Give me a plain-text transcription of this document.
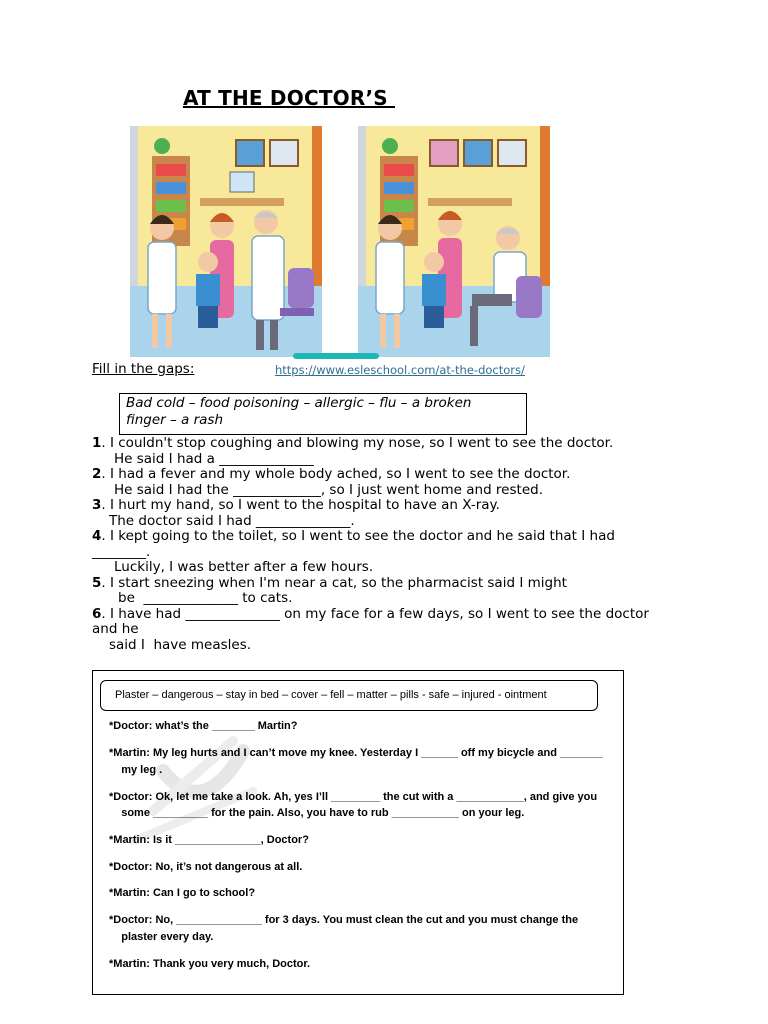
AT THE DOCTOR’S
Fill in the gaps:	https://www.esleschool.com/at-the-doctors/
Bad cold – food poisoning – allergic – flu – a broken
finger – a rash
1. I couldn't stop coughing and blowing my nose, so I went to see the doctor.
He said I had a ______________
2. I had a fever and my whole body ached, so I went to see the doctor.
He said I had the _____________, so I just went home and rested.
3. I hurt my hand, so I went to the hospital to have an X-ray.
The doctor said I had ______________.
4. I kept going to the toilet, so I went to see the doctor and he said that I had ________.
Luckily, I was better after a few hours.
5. I start sneezing when I'm near a cat, so the pharmacist said I might
be  ______________ to cats.
6. I have had ______________ on my face for a few days, so I went to see the doctor and he
said I  have measles.
Plaster – dangerous – stay in bed – cover – fell – matter – pills - safe – injured - ointment
*Doctor: what’s the _______ Martin?
*Martin: My leg hurts and I can’t move my knee. Yesterday I ______ off my bicycle and _______
my leg .
*Doctor: Ok, let me take a look. Ah, yes I’ll ________ the cut with a ___________, and give you
some _________ for the pain. Also, you have to rub ___________ on your leg.
*Martin: Is it ______________, Doctor?
*Doctor: No, it’s not dangerous at all.
*Martin: Can I go to school?
*Doctor: No, ______________ for 3 days. You must clean the cut and you must change the
plaster every day.
*Martin: Thank you very much, Doctor.
